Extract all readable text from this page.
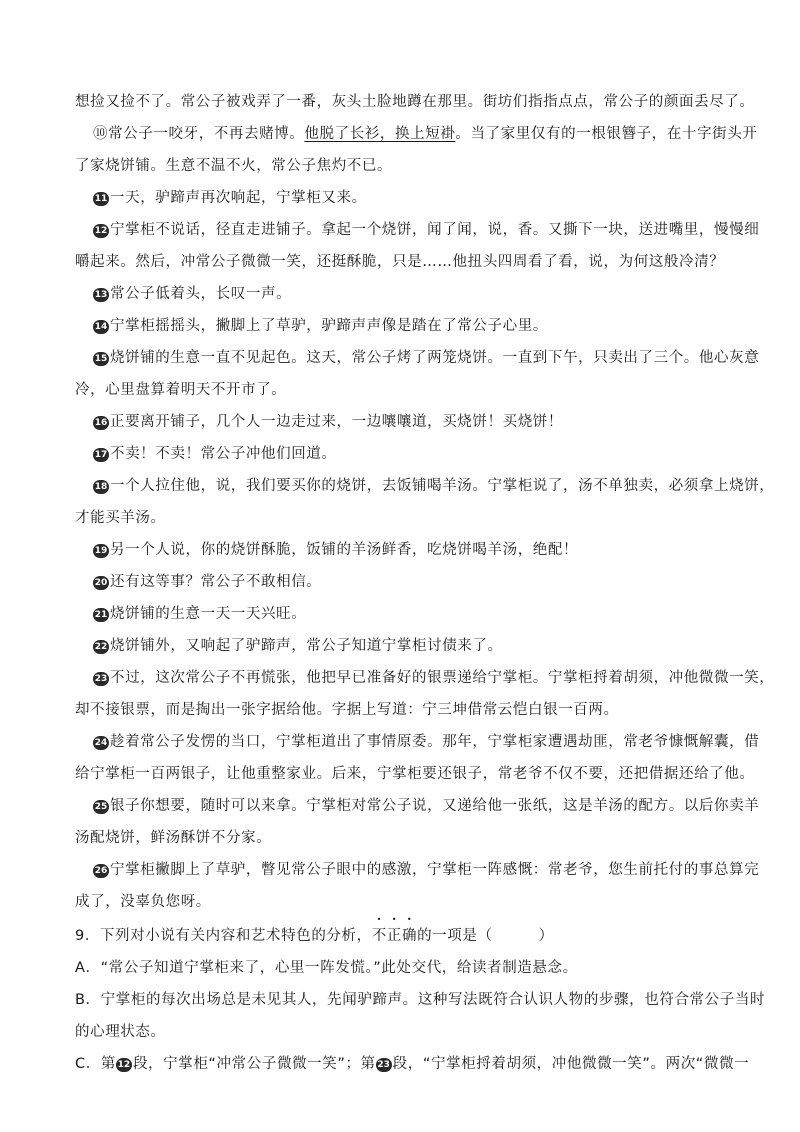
想捡又捡不了。常公子被戏弄了一番，灰头土脸地蹲在那里。街坊们指指点点，常公子的颜面丢尽了。
⑩常公子一咬牙，不再去赌博。他脱了长衫，换上短褂。当了家里仅有的一根银簪子，在十字街头开
了家烧饼铺。生意不温不火，常公子焦灼不已。
11 一天，驴蹄声再次响起，宁掌柜又来。
12 宁掌柜不说话，径直走进铺子。拿起一个烧饼，闻了闻，说，香。又撕下一块，送进嘴里，慢慢细
嚼起来。然后，冲常公子微微一笑，还挺酥脆，只是……他扭头四周看了看，说，为何这般冷清？
13 常公子低着头，长叹一声。
14 宁掌柜摇摇头，撇脚上了草驴，驴蹄声声像是踏在了常公子心里。
15 烧饼铺的生意一直不见起色。这天，常公子烤了两笼烧饼。一直到下午，只卖出了三个。他心灰意
冷，心里盘算着明天不开市了。
16 正要离开铺子，几个人一边走过来，一边嚷嚷道，买烧饼！买烧饼！
17 不卖！不卖！常公子冲他们回道。
18 一个人拉住他，说，我们要买你的烧饼，去饭铺喝羊汤。宁掌柜说了，汤不单独卖，必须拿上烧饼，
才能买羊汤。
19 另一个人说，你的烧饼酥脆，饭铺的羊汤鲜香，吃烧饼喝羊汤，绝配！
20 还有这等事？常公子不敢相信。
21 烧饼铺的生意一天一天兴旺。
22 烧饼铺外，又响起了驴蹄声，常公子知道宁掌柜讨债来了。
23 不过，这次常公子不再慌张，他把早已准备好的银票递给宁掌柜。宁掌柜捋着胡须，冲他微微一笑，
却不接银票，而是掏出一张字据给他。字据上写道：宁三坤借常云恺白银一百两。
24 趁着常公子发愣的当口，宁掌柜道出了事情原委。那年，宁掌柜家遭遇劫匪，常老爷慷慨解囊，借
给宁掌柜一百两银子，让他重整家业。后来，宁掌柜要还银子，常老爷不仅不要，还把借据还给了他。
25 银子你想要，随时可以来拿。宁掌柜对常公子说，又递给他一张纸，这是羊汤的配方。以后你卖羊
汤配烧饼，鲜汤酥饼不分家。
26 宁掌柜撇脚上了草驴，瞥见常公子眼中的感激，宁掌柜一阵感慨：常老爷，您生前托付的事总算完
成了，没辜负您呀。
9．下列对小说有关内容和艺术特色的分析，不正确的一项是（	）
A．“常公子知道宁掌柜来了，心里一阵发慌。”此处交代，给读者制造悬念。
B．宁掌柜的每次出场总是未见其人，先闻驴蹄声。这种写法既符合认识人物的步骤，也符合常公子当时
的心理状态。
C．第 12 段，宁掌柜“冲常公子微微一笑”；第 23 段，“宁掌柜捋着胡须，冲他微微一笑”。两次“微微一
